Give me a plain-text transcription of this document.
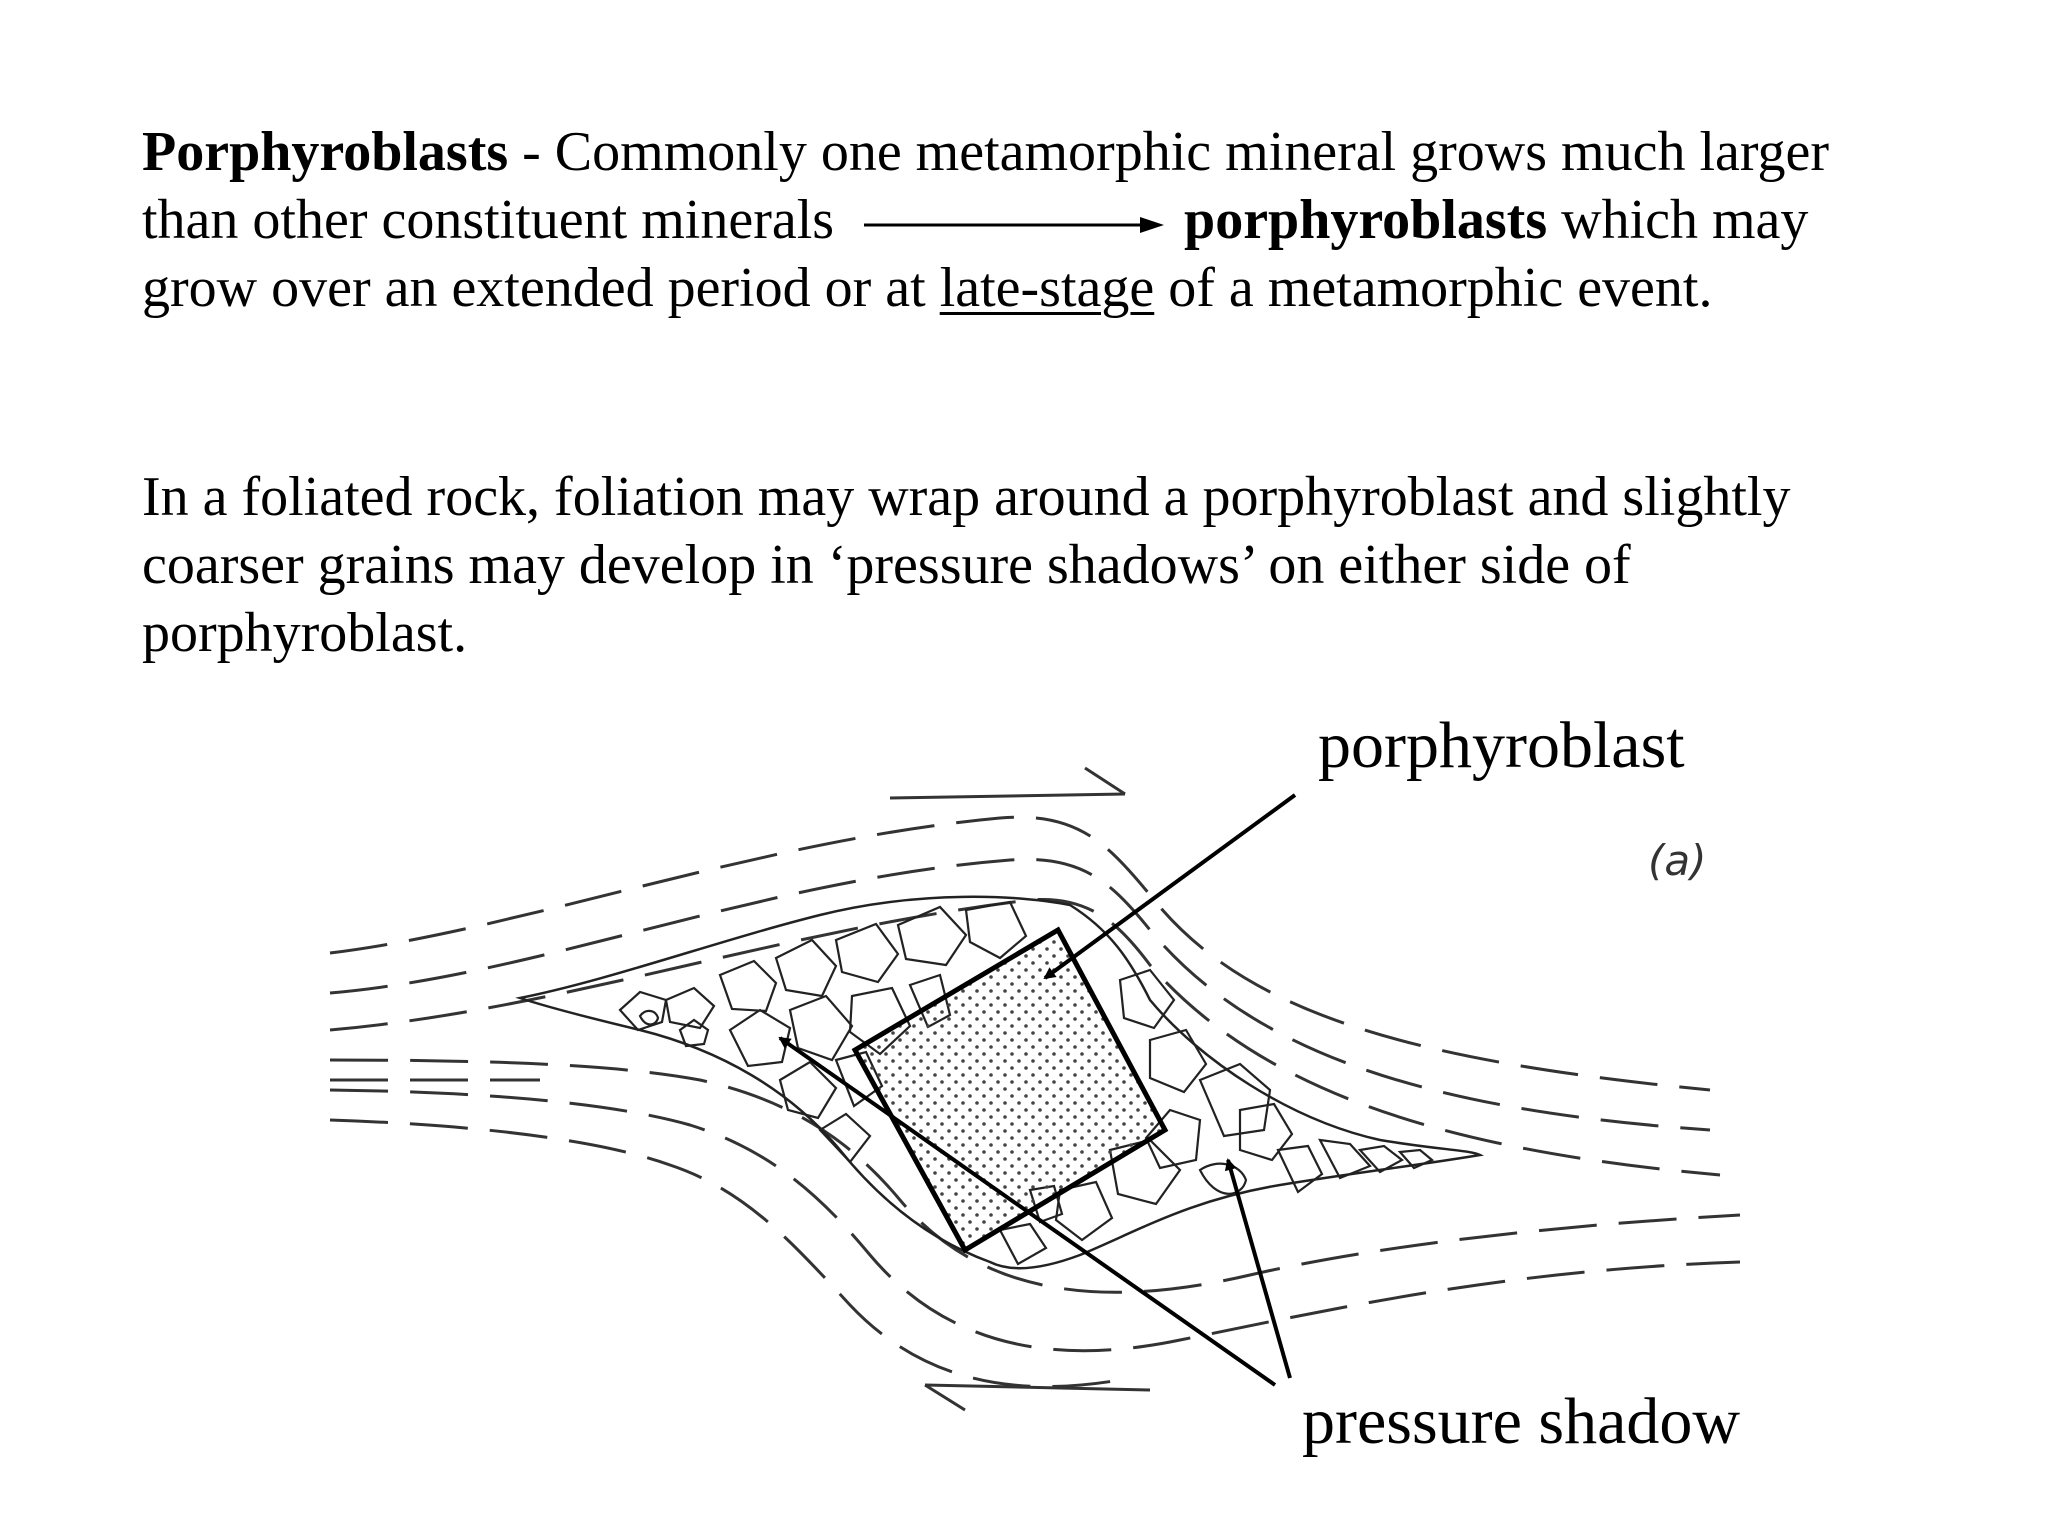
Porphyroblasts - Commonly one metamorphic mineral grows much larger
than other constituent minerals	porphyroblasts which may
grow over an extended period or at late-stage of a metamorphic event.
In a foliated rock, foliation may wrap around a porphyroblast and slightly
coarser grains may develop in ‘pressure shadows’ on either side of
porphyroblast.
porphyroblast
pressure shadow
(a)
